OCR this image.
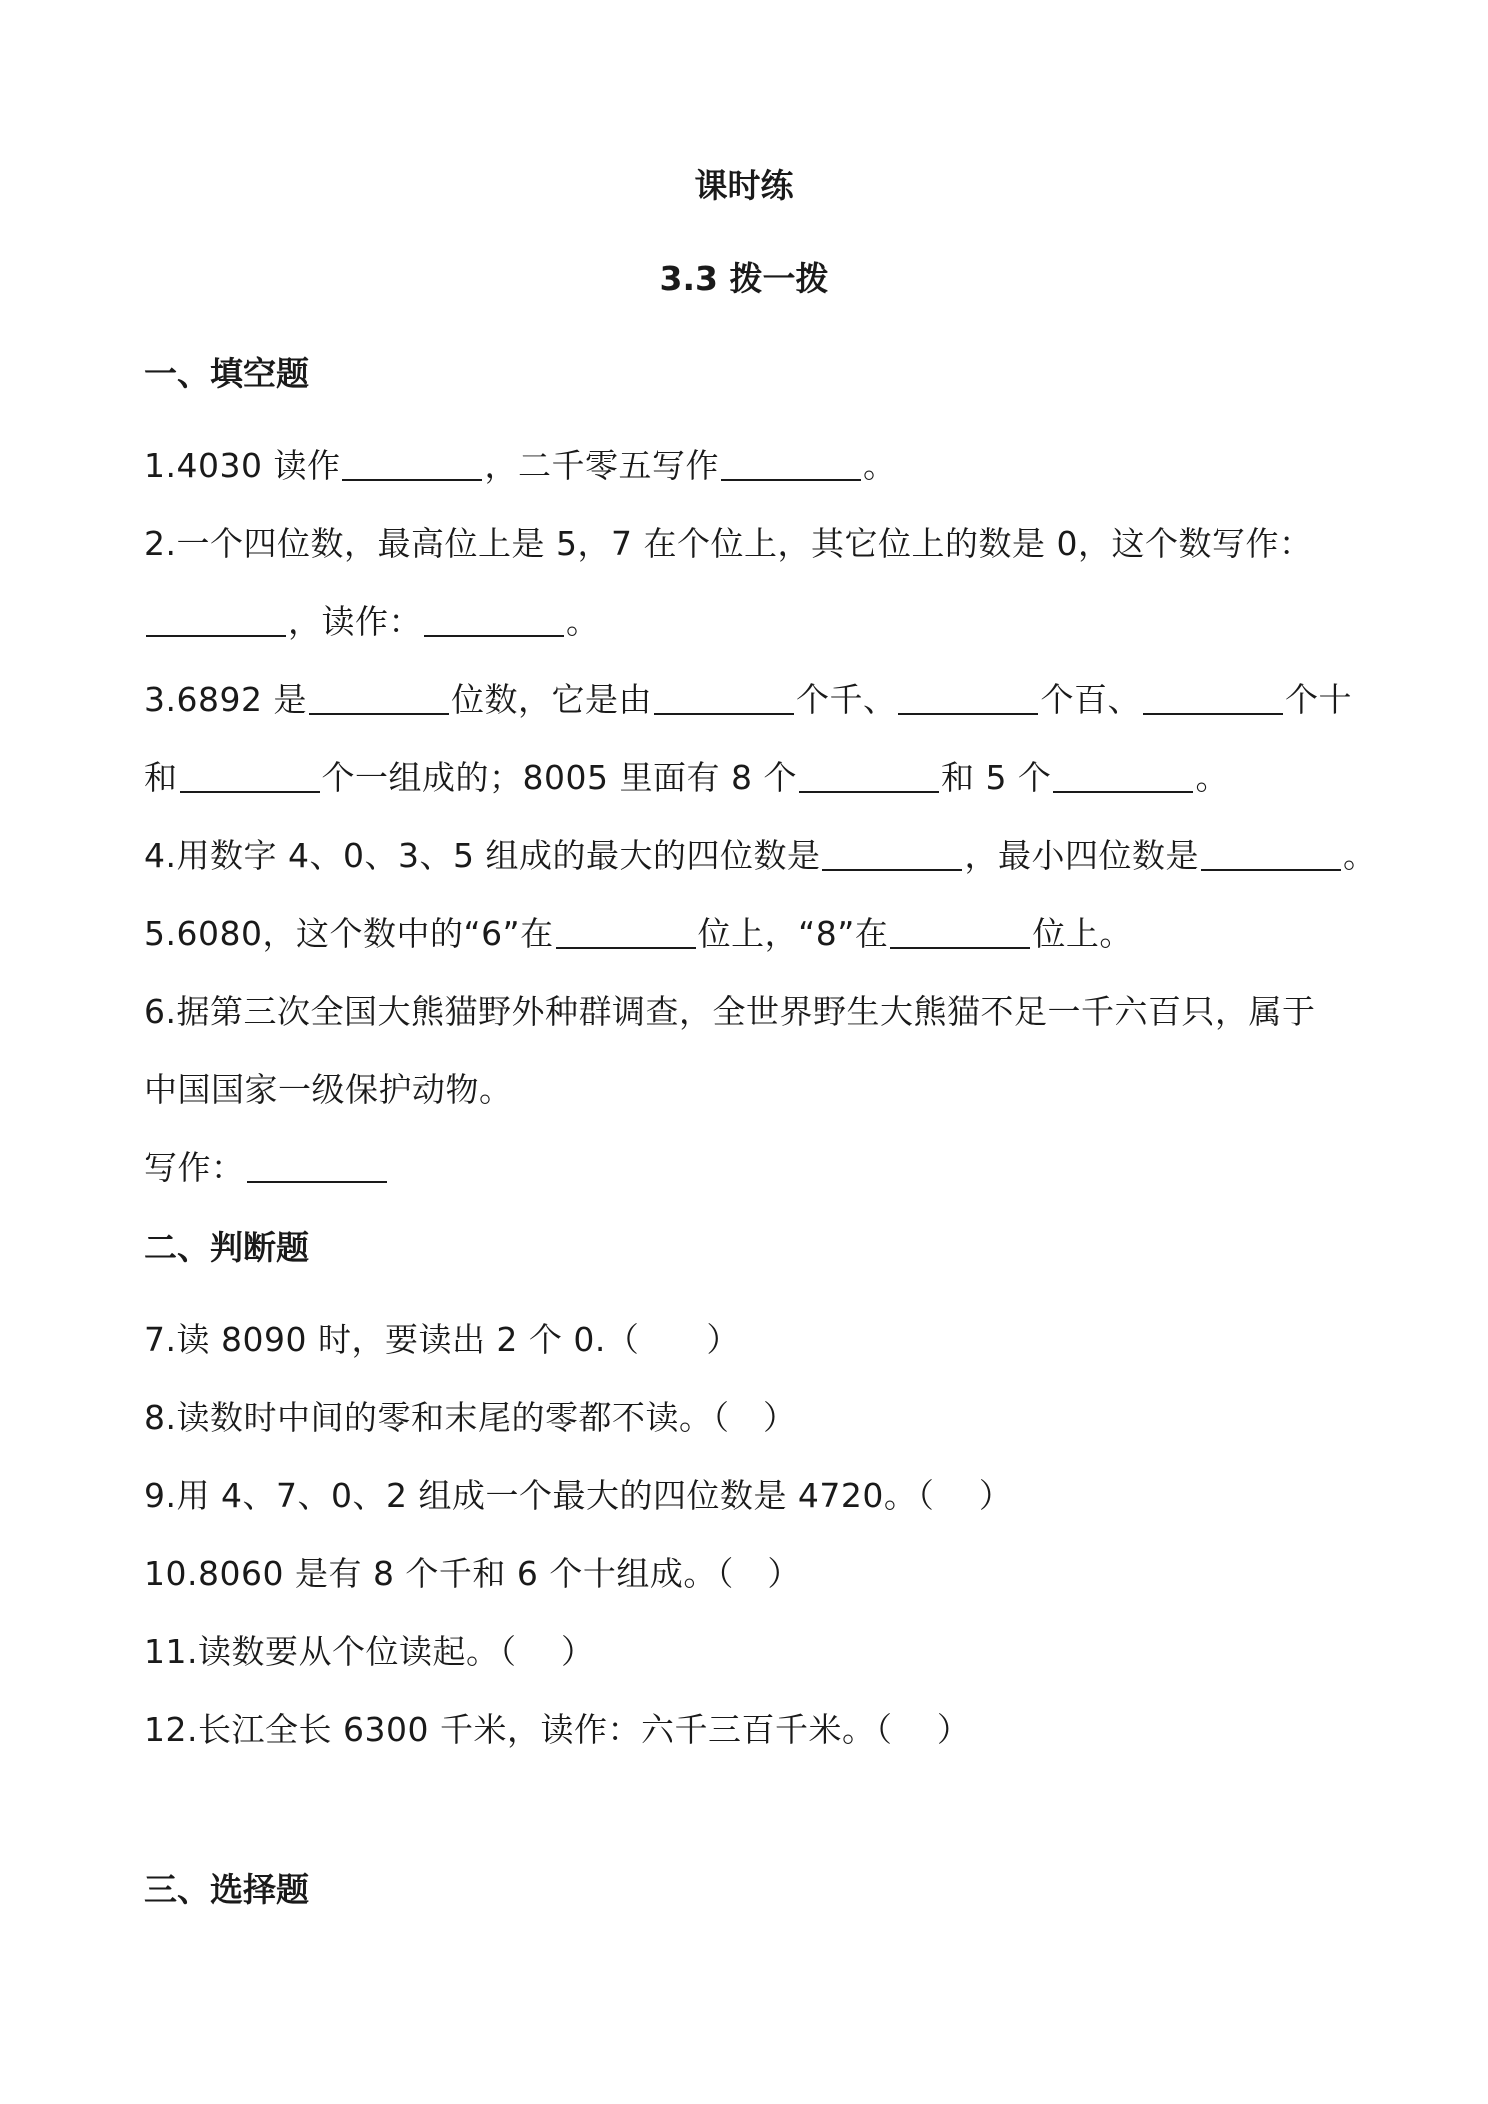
课时练
3.3 拨一拨
一、填空题
1.4030 读作	，二千零五写作	。
2.一个四位数，最高位上是 5，7 在个位上，其它位上的数是 0，这个数写作：
，读作：	。
3.6892 是	位数，它是由	个千、	个百、	个十
和	个一组成的；8005 里面有 8 个	和 5 个	。
4.用数字 4、0、3、5 组成的最大的四位数是	，最小四位数是	。
5.6080，这个数中的“6”在	位上，“8”在	位上。
6.据第三次全国大熊猫野外种群调查，全世界野生大熊猫不足一千六百只，属于
中国国家一级保护动物。
写作：
二、判断题
7.读 8090 时，要读出 2 个 0.（　　）
8.读数时中间的零和末尾的零都不读。（　）
9.用 4、7、0、2 组成一个最大的四位数是 4720。（　 ）
10.8060 是有 8 个千和 6 个十组成。（　）
11.读数要从个位读起。（　 ）
12.长江全长 6300 千米，读作：六千三百千米。（　 ）
三、选择题
